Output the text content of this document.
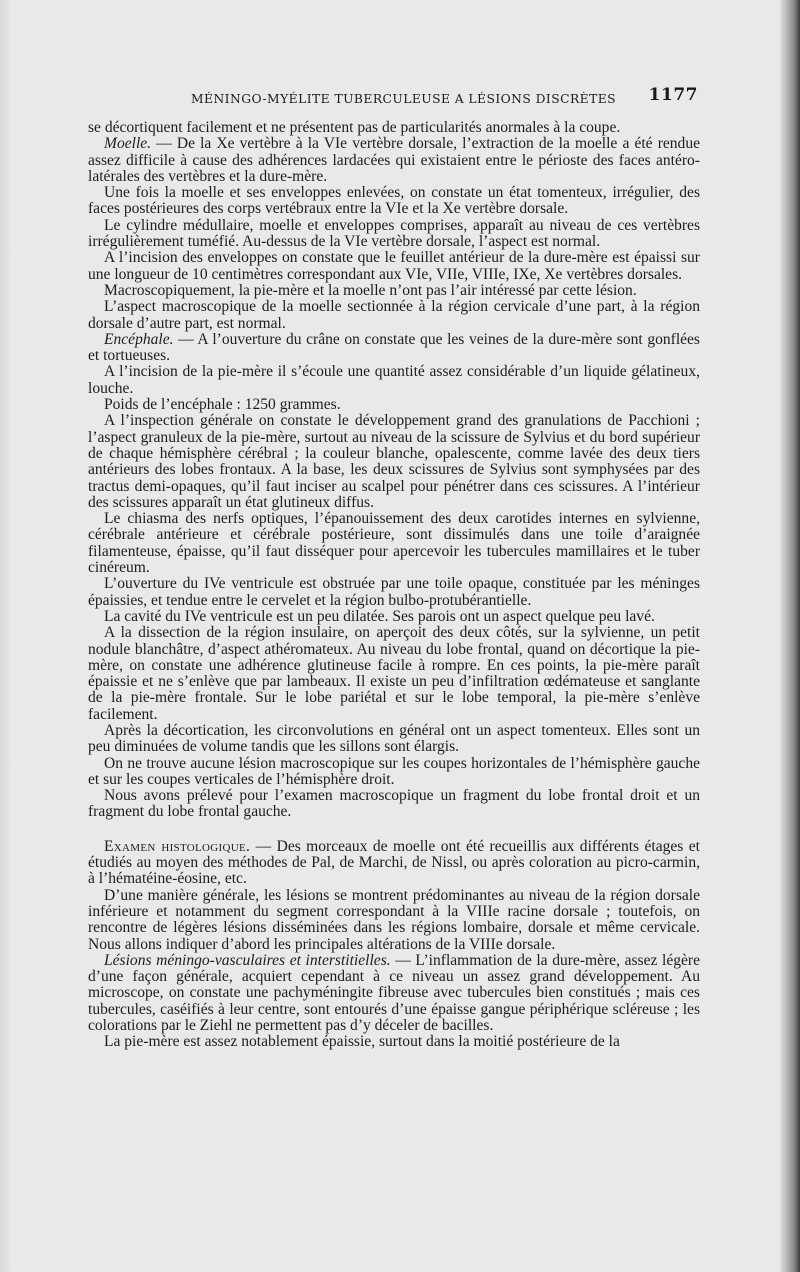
MÉNINGO-MYÉLITE TUBERCULEUSE A LÉSIONS DISCRÈTES 1177

se décortiquent facilement et ne présentent pas de particularités anormales à la coupe.

Moelle. — De la Xe vertèbre à la VIe vertèbre dorsale, l’extraction de la moelle a été rendue assez difficile à cause des adhérences lardacées qui existaient entre le périoste des faces antéro-latérales des vertèbres et la dure-mère.

Une fois la moelle et ses enveloppes enlevées, on constate un état tomenteux, irrégulier, des faces postérieures des corps vertébraux entre la VIe et la Xe vertèbre dorsale.

Le cylindre médullaire, moelle et enveloppes comprises, apparaît au niveau de ces vertèbres irrégulièrement tuméfié. Au-dessus de la VIe vertèbre dorsale, l’aspect est normal.

A l’incision des enveloppes on constate que le feuillet antérieur de la dure-mère est épaissi sur une longueur de 10 centimètres correspondant aux VIe, VIIe, VIIIe, IXe, Xe vertèbres dorsales.

Macroscopiquement, la pie-mère et la moelle n’ont pas l’air intéressé par cette lésion.

L’aspect macroscopique de la moelle sectionnée à la région cervicale d’une part, à la région dorsale d’autre part, est normal.

Encéphale. — A l’ouverture du crâne on constate que les veines de la dure-mère sont gonflées et tortueuses.

A l’incision de la pie-mère il s’écoule une quantité assez considérable d’un liquide gélatineux, louche.

Poids de l’encéphale : 1250 grammes.

A l’inspection générale on constate le développement grand des granulations de Pacchioni ; l’aspect granuleux de la pie-mère, surtout au niveau de la scissure de Sylvius et du bord supérieur de chaque hémisphère cérébral ; la couleur blanche, opalescente, comme lavée des deux tiers antérieurs des lobes frontaux. A la base, les deux scissures de Sylvius sont symphysées par des tractus demi-opaques, qu’il faut inciser au scalpel pour pénétrer dans ces scissures. A l’intérieur des scissures apparaît un état glutineux diffus.

Le chiasma des nerfs optiques, l’épanouissement des deux carotides internes en sylvienne, cérébrale antérieure et cérébrale postérieure, sont dissimulés dans une toile d’araignée filamenteuse, épaisse, qu’il faut disséquer pour apercevoir les tubercules mamillaires et le tuber cinéreum.

L’ouverture du IVe ventricule est obstruée par une toile opaque, constituée par les méninges épaissies, et tendue entre le cervelet et la région bulbo-protubérantielle.

La cavité du IVe ventricule est un peu dilatée. Ses parois ont un aspect quelque peu lavé.

A la dissection de la région insulaire, on aperçoit des deux côtés, sur la sylvienne, un petit nodule blanchâtre, d’aspect athéromateux. Au niveau du lobe frontal, quand on décortique la pie-mère, on constate une adhérence glutineuse facile à rompre. En ces points, la pie-mère paraît épaissie et ne s’enlève que par lambeaux. Il existe un peu d’infiltration œdémateuse et sanglante de la pie-mère frontale. Sur le lobe pariétal et sur le lobe temporal, la pie-mère s’enlève facilement.

Après la décortication, les circonvolutions en général ont un aspect tomenteux. Elles sont un peu diminuées de volume tandis que les sillons sont élargis.

On ne trouve aucune lésion macroscopique sur les coupes horizontales de l’hémisphère gauche et sur les coupes verticales de l’hémisphère droit.

Nous avons prélevé pour l’examen macroscopique un fragment du lobe frontal droit et un fragment du lobe frontal gauche.

Examen histologique. — Des morceaux de moelle ont été recueillis aux différents étages et étudiés au moyen des méthodes de Pal, de Marchi, de Nissl, ou après coloration au picro-carmin, à l’hématéine-éosine, etc.

D’une manière générale, les lésions se montrent prédominantes au niveau de la région dorsale inférieure et notamment du segment correspondant à la VIIIe racine dorsale ; toutefois, on rencontre de légères lésions disséminées dans les régions lombaire, dorsale et même cervicale. Nous allons indiquer d’abord les principales altérations de la VIIIe dorsale.

Lésions méningo-vasculaires et interstitielles. — L’inflammation de la dure-mère, assez légère d’une façon générale, acquiert cependant à ce niveau un assez grand développement. Au microscope, on constate une pachyméningite fibreuse avec tubercules bien constitués ; mais ces tubercules, caséifiés à leur centre, sont entourés d’une épaisse gangue périphérique scléreuse ; les colorations par le Ziehl ne permettent pas d’y déceler de bacilles.

La pie-mère est assez notablement épaissie, surtout dans la moitié postérieure de la
